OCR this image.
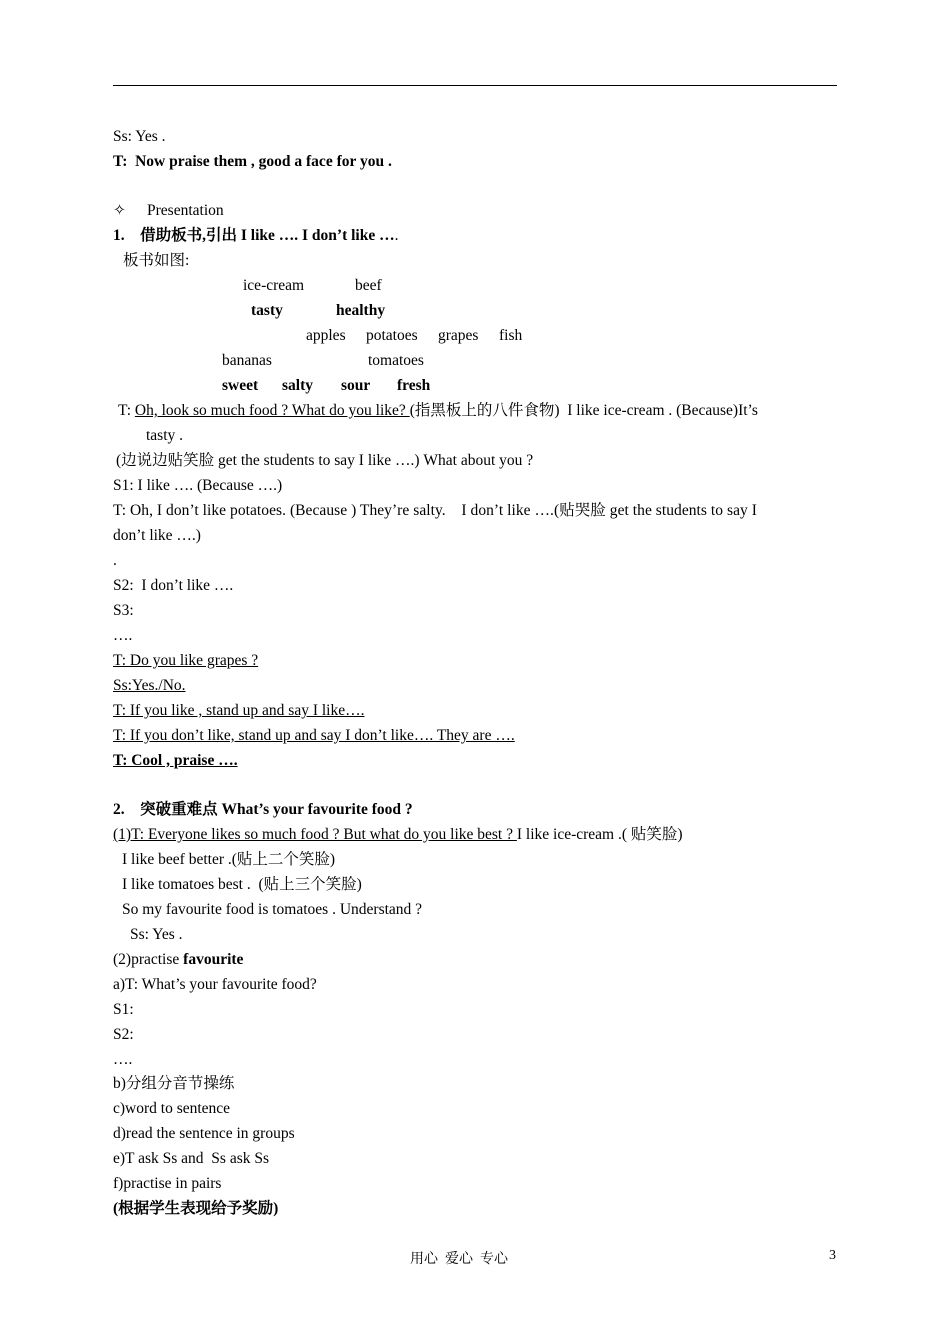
Ss: Yes .
T:  Now praise them , good a face for you .
✧ Presentation
1.    借助板书,引出 I like …. I don’t like ….
板书如图:
ice-cream	beef
tasty	healthy
apples potatoes grapes fish
bananas	tomatoes
sweet salty sour fresh
T: Oh, look so much food ? What do you like? (指黑板上的八件食物)  I like ice-cream . (Because)It’s
tasty .
(边说边贴笑脸 get the students to say I like ….) What about you ?
S1: I like …. (Because ….)
T: Oh, I don’t like potatoes. (Because ) They’re salty.    I don’t like ….(贴哭脸 get the students to say I
don’t like ….)
.
S2:  I don’t like ….
S3:
….
T: Do you like grapes ?
Ss:Yes./No.
T: If you like , stand up and say I like….
T: If you don’t like, stand up and say I don’t like…. They are ….
T: Cool , praise ….
2.    突破重难点 What’s your favourite food ?
(1)T: Everyone likes so much food ? But what do you like best ? I like ice-cream .( 贴笑脸)
I like beef better .(贴上二个笑脸)
I like tomatoes best .  (贴上三个笑脸)
So my favourite food is tomatoes . Understand ?
Ss: Yes .
(2)practise favourite
a)T: What’s your favourite food?
S1:
S2:
….
b)分组分音节操练
c)word to sentence
d)read the sentence in groups
e)T ask Ss and  Ss ask Ss
f)practise in pairs
(根据学生表现给予奖励)
用心  爱心  专心	3
